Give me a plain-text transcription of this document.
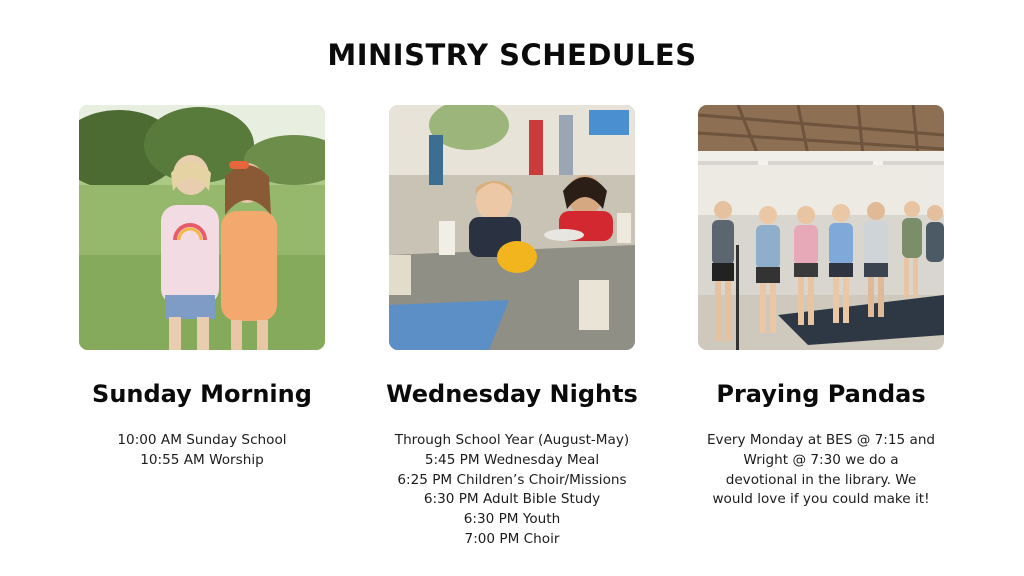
MINISTRY SCHEDULES
Sunday Morning
10:00 AM Sunday School
10:55 AM Worship
Wednesday Nights
Through School Year (August-May)
5:45 PM Wednesday Meal
6:25 PM Children’s Choir/Missions
6:30 PM Adult Bible Study
6:30 PM Youth
7:00 PM Choir
Praying Pandas
Every Monday at BES @ 7:15 and
Wright @ 7:30 we do a
devotional in the library. We
would love if you could make it!
